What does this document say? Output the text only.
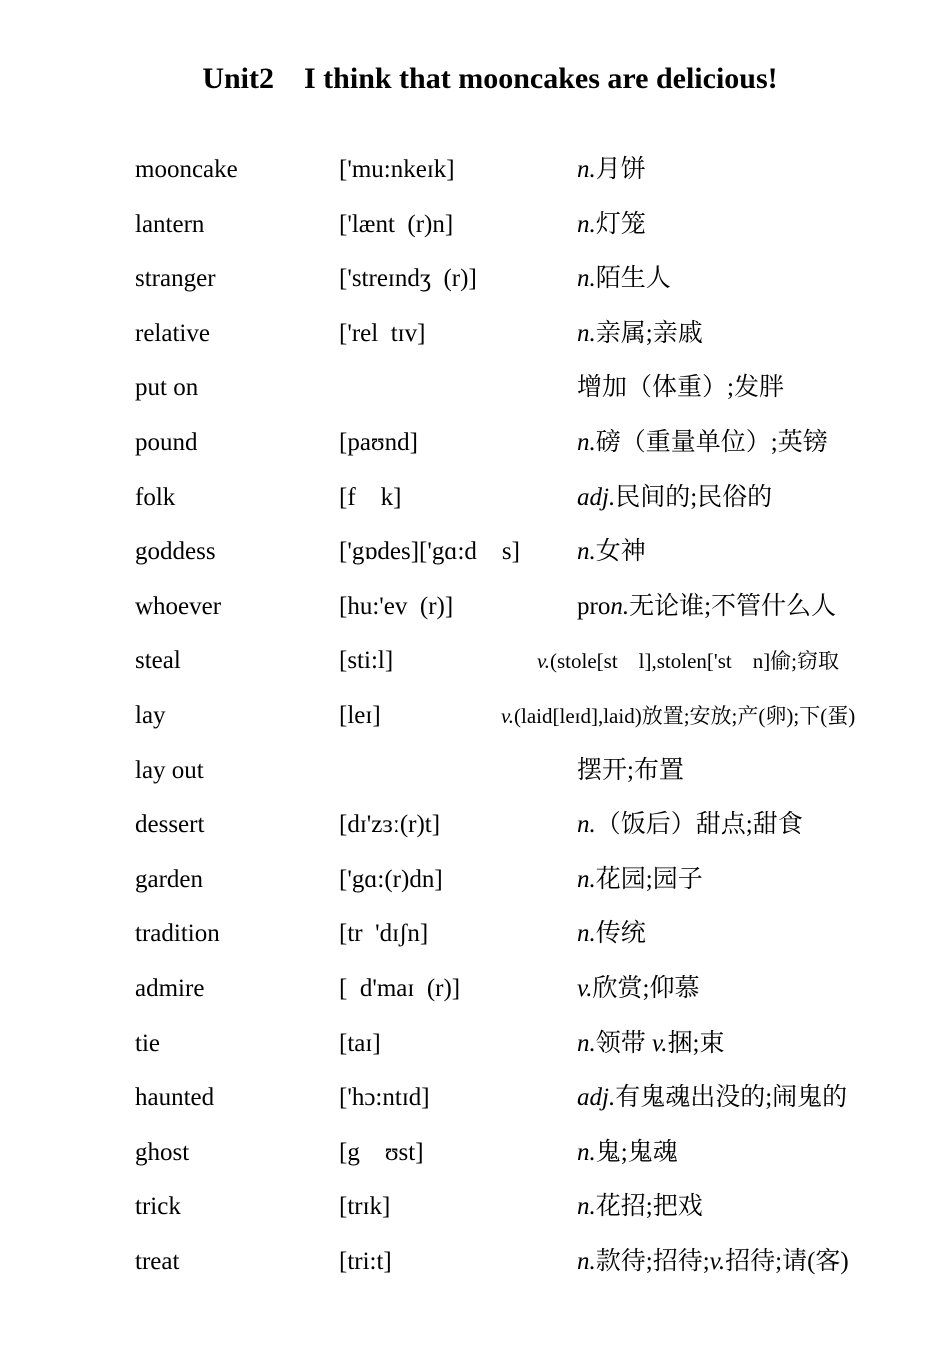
Unit2    I think that mooncakes are delicious!
mooncake	['mu:nkeɪk]	n.月饼
lantern	['lænt  (r)n]	n.灯笼
stranger	['streɪndʒ  (r)]	n.陌生人
relative	['rel  tɪv]	n.亲属;亲戚
put on	增加（体重）;发胖
pound	[paʊnd]	n.磅（重量单位）;英镑
folk	[f    k]	adj.民间的;民俗的
goddess	['gɒdes]['gɑ:d    s] n.女神
whoever	[hu:'ev  (r)]	pron.无论谁;不管什么人
steal	[sti:l]	v.(stole[st    l],stolen['st    n]偷;窃取
lay	[leɪ]	v.(laid[leɪd],laid)放置;安放;产(卵);下(蛋)
lay out	摆开;布置
dessert	[dɪ'zɜː(r)t]	n.（饭后）甜点;甜食
garden	['gɑ:(r)dn]	n.花园;园子
tradition	[tr  'dɪʃn]	n.传统
admire	[  d'maɪ  (r)]	v.欣赏;仰慕
tie	[taɪ]	n.领带 v.捆;束
haunted	['hɔ:ntɪd]	adj.有鬼魂出没的;闹鬼的
ghost	[g    ʊst]	n.鬼;鬼魂
trick	[trɪk]	n.花招;把戏
treat	[tri:t]	n.款待;招待;v.招待;请(客)
